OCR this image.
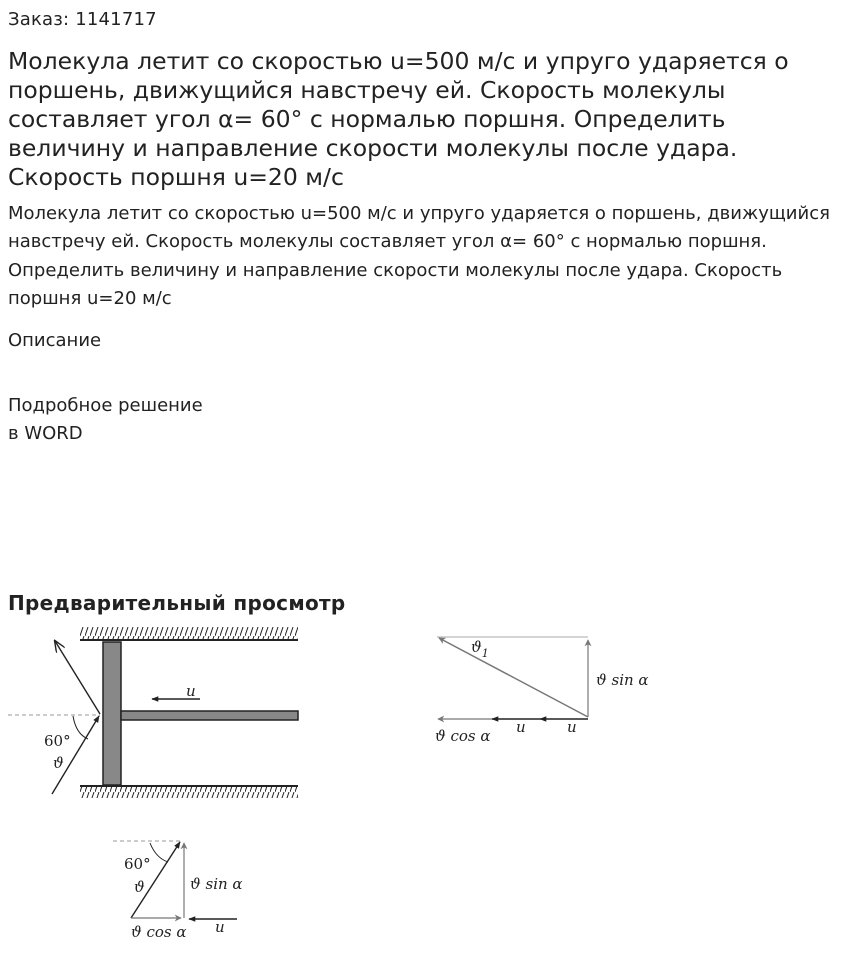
Заказ: 1141717
Молекула летит со скоростью u=500 м/с и упруго ударяется о поршень, движущийся навстречу ей. Скорость молекулы составляет угол α= 60° с нормалью поршня. Определить величину и направление скорости молекулы после удара. Скорость поршня u=20 м/с
Молекула летит со скоростью u=500 м/с и упруго ударяется о поршень, движущийся навстречу ей. Скорость молекулы составляет угол α= 60° с нормалью поршня. Определить величину и направление скорости молекулы после удара. Скорость поршня u=20 м/с
Описание
Подробное решение
в WORD
Предварительный просмотр
u
60°
ϑ
$ϑ_1$
ϑ sin α
ϑ cos α u	u
60°
ϑ	ϑ sin α
ϑ cos α u
